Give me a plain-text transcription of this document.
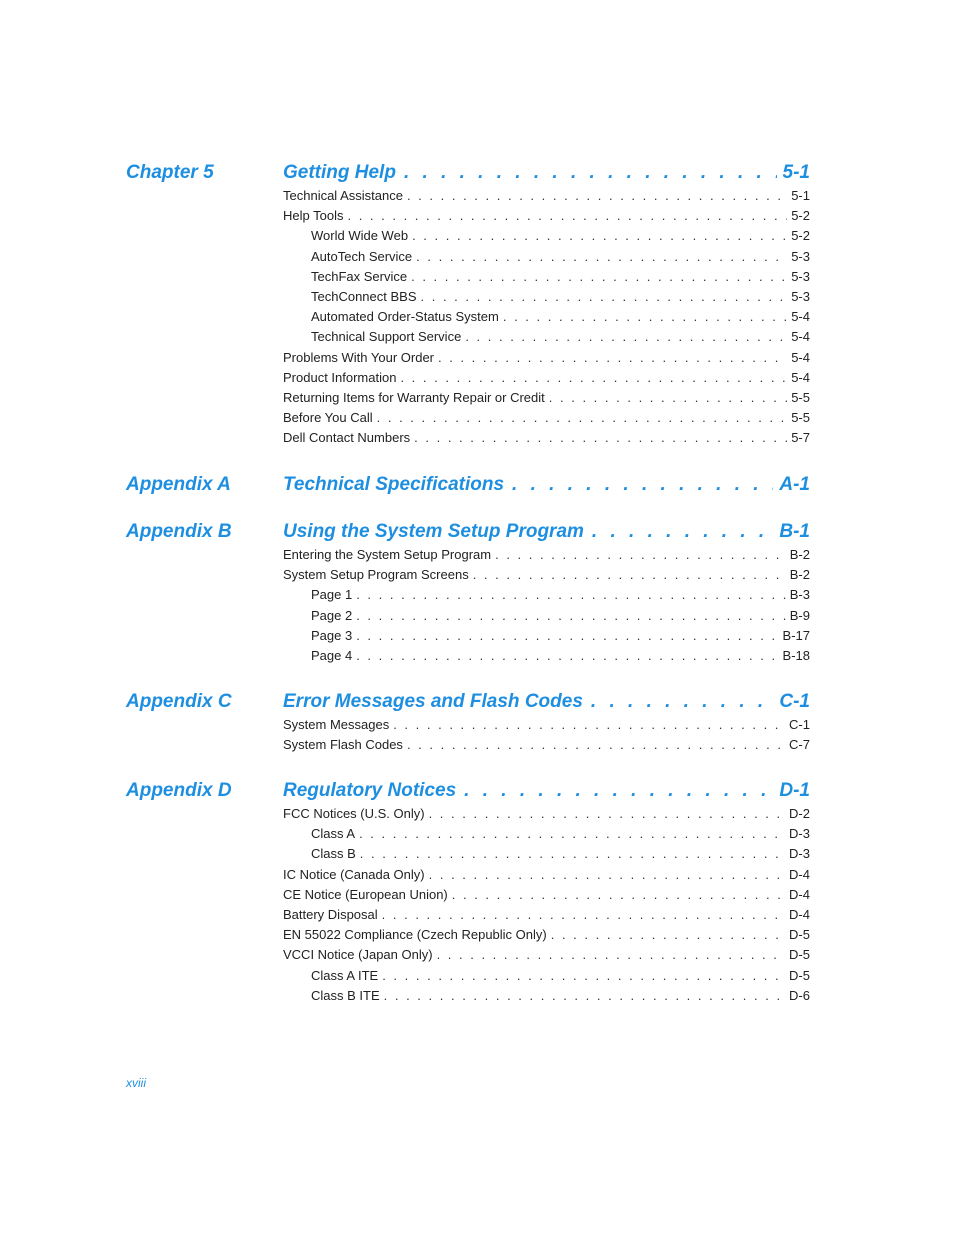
Chapter 5	Getting Help . . .	5-1
Technical Assistance . . .	5-1
Help Tools . . .	5-2
World Wide Web . . .	5-2
AutoTech Service . . .	5-3
TechFax Service . . .	5-3
TechConnect BBS . . .	5-3
Automated Order-Status System . . .	5-4
Technical Support Service . . .	5-4
Problems With Your Order . . .	5-4
Product Information . . .	5-4
Returning Items for Warranty Repair or Credit . . .	5-5
Before You Call . . .	5-5
Dell Contact Numbers . . .	5-7
Appendix A	Technical Specifications . . .	A-1
Appendix B	Using the System Setup Program . . .	B-1
Entering the System Setup Program . . .	B-2
System Setup Program Screens . . .	B-2
Page 1 . . .	B-3
Page 2 . . .	B-9
Page 3 . . .	B-17
Page 4 . . .	B-18
Appendix C	Error Messages and Flash Codes . . .	C-1
System Messages . . .	C-1
System Flash Codes . . .	C-7
Appendix D	Regulatory Notices . . .	D-1
FCC Notices (U.S. Only) . . .	D-2
Class A . . .	D-3
Class B . . .	D-3
IC Notice (Canada Only) . . .	D-4
CE Notice (European Union) . . .	D-4
Battery Disposal . . .	D-4
EN 55022 Compliance (Czech Republic Only) . . .	D-5
VCCI Notice (Japan Only) . . .	D-5
Class A ITE . . .	D-5
Class B ITE . . .	D-6
xviii
